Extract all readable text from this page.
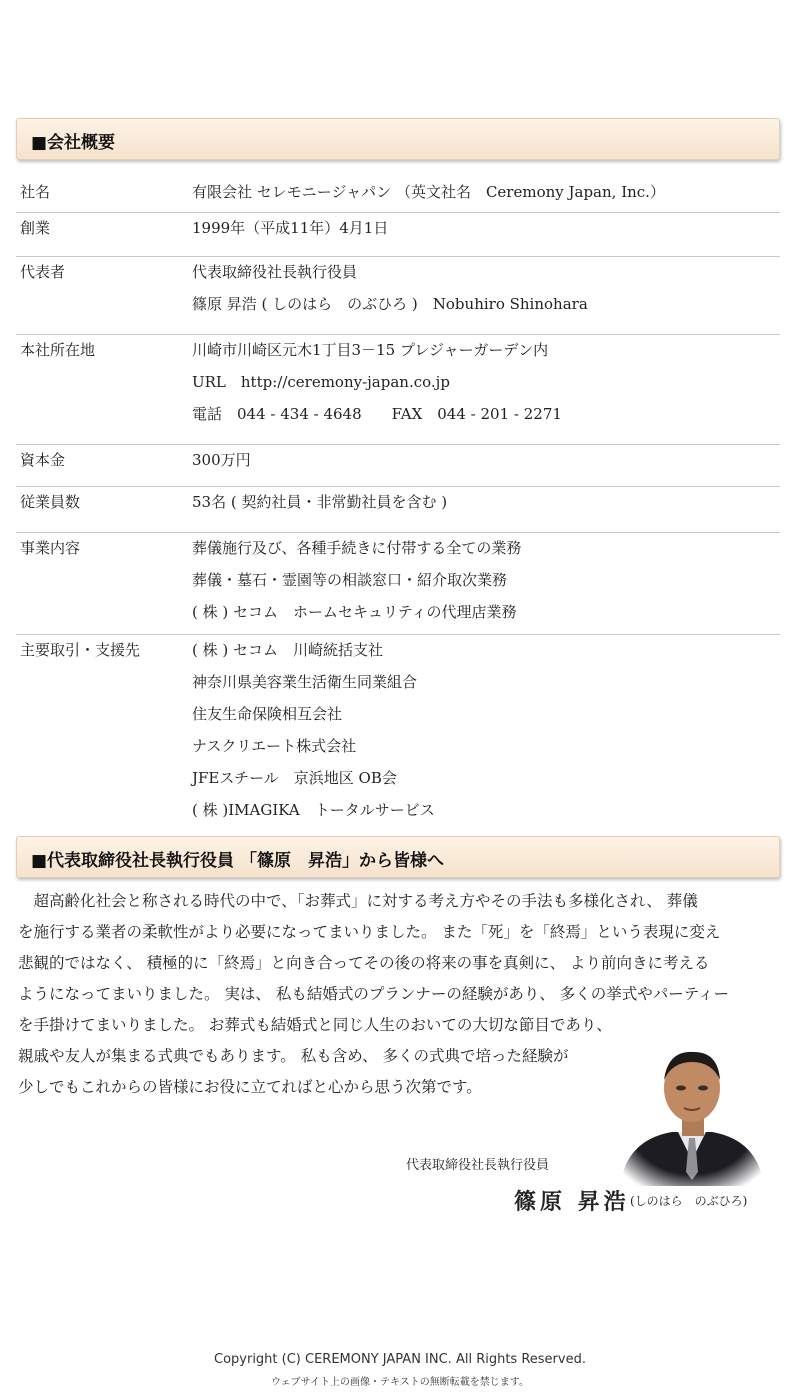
■会社概要
社名	有限会社 セレモニージャパン （英文社名　Ceremony Japan, Inc.）
創業	1999年（平成11年）4月1日
代表者	代表取締役社長執行役員
篠原 昇浩 ( しのはら　のぶひろ )　Nobuhiro Shinohara
本社所在地	川崎市川崎区元木1丁目3－15 プレジャーガーデン内
URL　http://ceremony-japan.co.jp
電話　044 - 434 - 4648　　FAX　044 - 201 - 2271
資本金	300万円
従業員数	53名 ( 契約社員・非常勤社員を含む )
事業内容	葬儀施行及び、各種手続きに付帯する全ての業務
葬儀・墓石・霊園等の相談窓口・紹介取次業務
( 株 ) セコム　ホームセキュリティの代理店業務
主要取引・支援先	( 株 ) セコム　川崎統括支社
神奈川県美容業生活衛生同業組合
住友生命保険相互会社
ナスクリエート株式会社
JFEスチール　京浜地区 OB会
( 株 )IMAGIKA　トータルサービス
■代表取締役社長執行役員 「篠原　昇浩」から皆様へ
　超高齢化社会と称される時代の中で、「お葬式」に対する考え方やその手法も多様化され、 葬儀
を施行する業者の柔軟性がより必要になってまいりました。 また「死」を「終焉」という表現に変え
悲観的ではなく、 積極的に「終焉」と向き合ってその後の将来の事を真剣に、 より前向きに考える
ようになってまいりました。 実は、 私も結婚式のプランナーの経験があり、 多くの挙式やパーティー
を手掛けてまいりました。 お葬式も結婚式と同じ人生のおいての大切な節目であり、
親戚や友人が集まる式典でもあります。 私も含め、 多くの式典で培った経験が
少しでもこれからの皆様にお役に立てればと心から思う次第です。
代表取締役社長執行役員
篠原 昇浩 (しのはら　のぶひろ)
Copyright (C) CEREMONY JAPAN INC. All Rights Reserved.
ウェブサイト上の画像・テキストの無断転載を禁じます。
